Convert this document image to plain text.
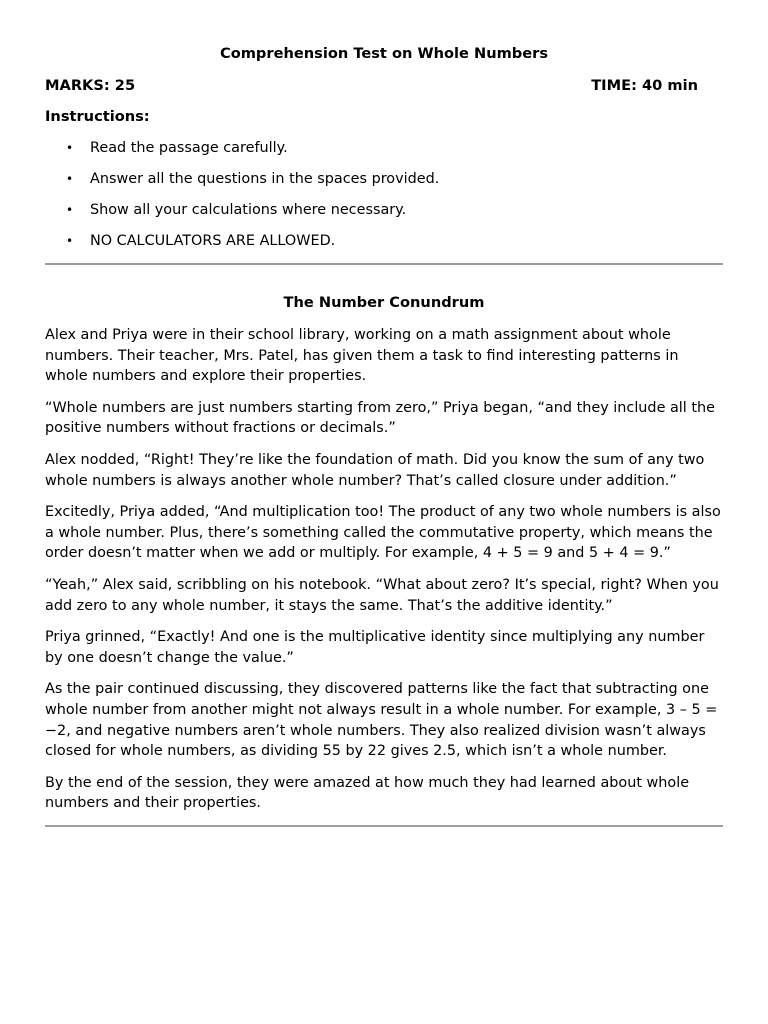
Comprehension Test on Whole Numbers
MARKS: 25	TIME: 40 min
Instructions:
• Read the passage carefully.
• Answer all the questions in the spaces provided.
• Show all your calculations where necessary.
• NO CALCULATORS ARE ALLOWED.
The Number Conundrum

Alex and Priya were in their school library, working on a math assignment about whole numbers. Their teacher, Mrs. Patel, has given them a task to find interesting patterns in whole numbers and explore their properties.

“Whole numbers are just numbers starting from zero,” Priya began, “and they include all the positive numbers without fractions or decimals.”

Alex nodded, “Right! They’re like the foundation of math. Did you know the sum of any two whole numbers is always another whole number? That’s called closure under addition.”

Excitedly, Priya added, “And multiplication too! The product of any two whole numbers is also a whole number. Plus, there’s something called the commutative property, which means the order doesn’t matter when we add or multiply. For example, 4 + 5 = 9 and 5 + 4 = 9.”

“Yeah,” Alex said, scribbling on his notebook. “What about zero? It’s special, right? When you add zero to any whole number, it stays the same. That’s the additive identity.”

Priya grinned, “Exactly! And one is the multiplicative identity since multiplying any number by one doesn’t change the value.”

As the pair continued discussing, they discovered patterns like the fact that subtracting one whole number from another might not always result in a whole number. For example, 3 – 5 = −2, and negative numbers aren’t whole numbers. They also realized division wasn’t always closed for whole numbers, as dividing 55 by 22 gives 2.5, which isn’t a whole number.

By the end of the session, they were amazed at how much they had learned about whole numbers and their properties.
